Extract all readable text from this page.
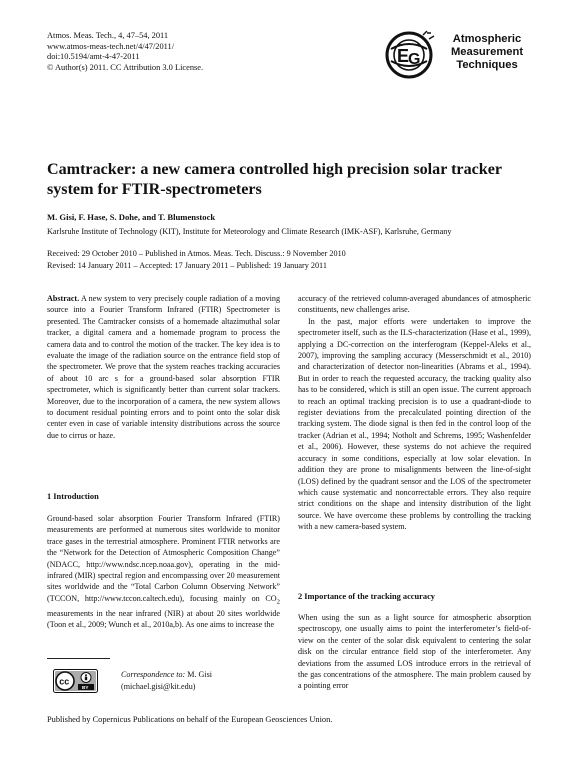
Atmos. Meas. Tech., 4, 47–54, 2011
www.atmos-meas-tech.net/4/47/2011/
doi:10.5194/amt-4-47-2011
© Author(s) 2011. CC Attribution 3.0 License.
E
G
Atmospheric
Measurement
Techniques
Camtracker: a new camera controlled high precision solar tracker
system for FTIR-spectrometers
M. Gisi, F. Hase, S. Dohe, and T. Blumenstock
Karlsruhe Institute of Technology (KIT), Institute for Meteorology and Climate Research (IMK-ASF), Karlsruhe, Germany
Received: 29 October 2010 – Published in Atmos. Meas. Tech. Discuss.: 9 November 2010
Revised: 14 January 2011 – Accepted: 17 January 2011 – Published: 19 January 2011

Abstract. A new system to very precisely couple radiation of a moving source into a Fourier Transform Infrared (FTIR) Spectrometer is presented. The Camtracker consists of a homemade altazimuthal solar tracker, a digital camera and a homemade program to process the camera data and to control the motion of the tracker. The key idea is to evaluate the image of the radiation source on the entrance field stop of the spectrometer. We prove that the system reaches tracking accuracies of about 10 arc s for a ground-based solar absorption FTIR spectrometer, which is significantly better than current solar trackers. Moreover, due to the incorporation of a camera, the new system allows to document residual pointing errors and to point onto the solar disk center even in case of variable intensity distributions across the source due to cirrus or haze.

1 Introduction

Ground-based solar absorption Fourier Transform Infrared (FTIR) measurements are performed at numerous sites worldwide to monitor trace gases in the terrestrial atmosphere. Prominent FTIR networks are the “Network for the Detection of Atmospheric Composition Change” (NDACC, http://www.ndsc.ncep.noaa.gov), operating in the mid-infrared (MIR) spectral region and encompassing over 20 measurement sites worldwide and the “Total Carbon Column Observing Network” (TCCON, http://www.tccon.caltech.edu), focusing mainly on $CO_2$ measurements in the near infrared (NIR) at about 20 sites worldwide (Toon et al., 2009; Wunch et al., 2010a,b). As one aims to increase the

accuracy of the retrieved column-averaged abundances of atmospheric constituents, new challenges arise.

In the past, major efforts were undertaken to improve the spectrometer itself, such as the ILS-characterization (Hase et al., 1999), applying a DC-correction on the interferogram (Keppel-Aleks et al., 2007), improving the sampling accuracy (Messerschmidt et al., 2010) and characterization of detector non-linearities (Abrams et al., 1994). But in order to reach the requested accuracy, the tracking quality also has to be considered, which is still an open issue. The current approach to reach an optimal tracking precision is to use a quadrant-diode to register deviations from the precalculated pointing direction of the tracking system. The diode signal is then fed in the control loop of the tracker (Adrian et al., 1994; Notholt and Schrems, 1995; Washenfelder et al., 2006). However, these systems do not achieve the required accuracy in some conditions, especially at low solar elevation. In addition they are prone to misalignments between the line-of-sight (LOS) defined by the quadrant sensor and the LOS of the spectrometer which cause systematic and noncorrectable errors. They also require strict conditions on the shape and intensity distribution of the light source. We have overcome these problems by controlling the tracking with a new camera-based system.

2 Importance of the tracking accuracy

When using the sun as a light source for atmospheric absorption spectroscopy, one usually aims to point the interferometer’s field-of-view on the center of the solar disk equivalent to centering the solar disk on the circular entrance field stop of the interferometer. Any deviations from the assumed LOS introduce errors in the retrieval of the gas concentrations of the atmosphere. The main problem caused by a pointing error

cc
BY
Correspondence to: M. Gisi
(michael.gisi@kit.edu)
Published by Copernicus Publications on behalf of the European Geosciences Union.
